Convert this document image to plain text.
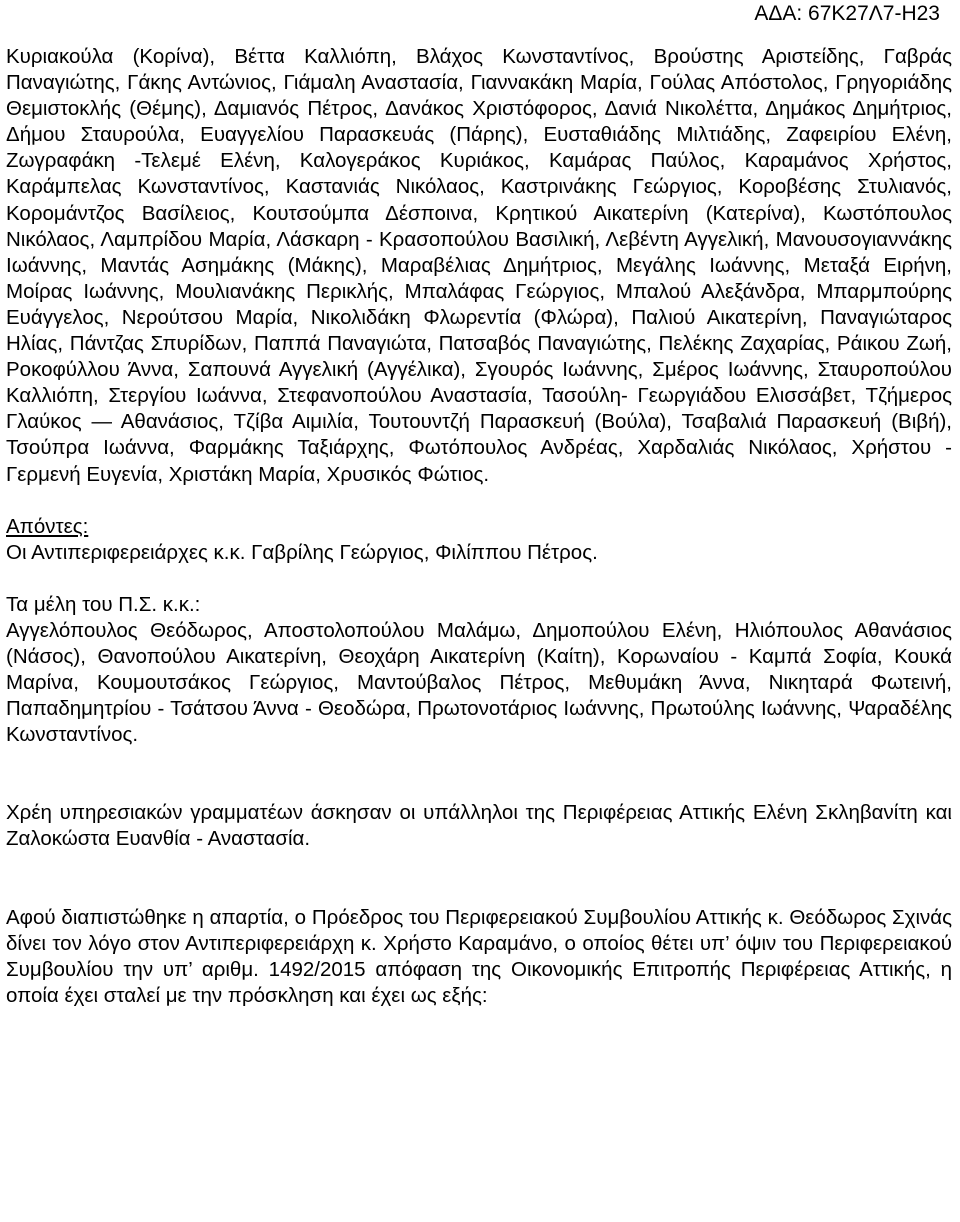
ΑΔΑ: 67Κ27Λ7-Η23

Κυριακούλα (Κορίνα), Βέττα Καλλιόπη, Βλάχος Κωνσταντίνος, Βρούστης Αριστείδης, Γαβράς Παναγιώτης, Γάκης Αντώνιος, Γιάμαλη Αναστασία, Γιαννακάκη Μαρία, Γούλας Απόστολος, Γρηγοριάδης Θεμιστοκλής (Θέμης), Δαμιανός Πέτρος, Δανάκος Χριστόφορος, Δανιά Νικολέττα, Δημάκος Δημήτριος, Δήμου Σταυρούλα, Ευαγγελίου Παρασκευάς (Πάρης), Ευσταθιάδης Μιλτιάδης, Ζαφειρίου Ελένη, Ζωγραφάκη -Τελεμέ Ελένη, Καλογεράκος Κυριάκος, Καμάρας Παύλος, Καραμάνος Χρήστος, Καράμπελας Κωνσταντίνος, Καστανιάς Νικόλαος, Καστρινάκης Γεώργιος, Κοροβέσης Στυλιανός, Κορομάντζος Βασίλειος, Κουτσούμπα Δέσποινα, Κρητικού Αικατερίνη (Κατερίνα), Κωστόπουλος Νικόλαος, Λαμπρίδου Μαρία, Λάσκαρη - Κρασοπούλου Βασιλική, Λεβέντη Αγγελική, Μανουσογιαννάκης Ιωάννης, Μαντάς Ασημάκης (Μάκης), Μαραβέλιας Δημήτριος, Μεγάλης Ιωάννης, Μεταξά Ειρήνη, Μοίρας Ιωάννης, Μουλιανάκης Περικλής, Μπαλάφας Γεώργιος, Μπαλού Αλεξάνδρα, Μπαρμπούρης Ευάγγελος, Νερούτσου Μαρία, Νικολιδάκη Φλωρεντία (Φλώρα), Παλιού Αικατερίνη, Παναγιώταρος Ηλίας, Πάντζας Σπυρίδων, Παππά Παναγιώτα, Πατσαβός Παναγιώτης, Πελέκης Ζαχαρίας, Ράικου Ζωή, Ροκοφύλλου Άννα, Σαπουνά Αγγελική (Αγγέλικα), Σγουρός Ιωάννης, Σμέρος Ιωάννης, Σταυροπούλου Καλλιόπη, Στεργίου Ιωάννα, Στεφανοπούλου Αναστασία, Τασούλη- Γεωργιάδου Ελισσάβετ, Τζήμερος Γλαύκος — Αθανάσιος, Τζίβα Αιμιλία, Τουτουντζή Παρασκευή (Βούλα), Τσαβαλιά Παρασκευή (Βιβή), Τσούπρα Ιωάννα, Φαρμάκης Ταξιάρχης, Φωτόπουλος Ανδρέας, Χαρδαλιάς Νικόλαος, Χρήστου - Γερμενή Ευγενία, Χριστάκη Μαρία, Χρυσικός Φώτιος.

Απόντες:

Οι Αντιπεριφερειάρχες κ.κ. Γαβρίλης Γεώργιος, Φιλίππου Πέτρος.

Τα μέλη του Π.Σ. κ.κ.:

Αγγελόπουλος Θεόδωρος, Αποστολοπούλου Μαλάμω, Δημοπούλου Ελένη, Ηλιόπουλος Αθανάσιος (Νάσος), Θανοπούλου Αικατερίνη, Θεοχάρη Αικατερίνη (Καίτη), Κορωναίου - Καμπά Σοφία, Κουκά Μαρίνα, Κουμουτσάκος Γεώργιος, Μαντούβαλος Πέτρος, Μεθυμάκη Άννα, Νικηταρά Φωτεινή, Παπαδημητρίου - Τσάτσου Άννα - Θεοδώρα, Πρωτονοτάριος Ιωάννης, Πρωτούλης Ιωάννης, Ψαραδέλης Κωνσταντίνος.

Χρέη υπηρεσιακών γραμματέων άσκησαν οι υπάλληλοι της Περιφέρειας Αττικής Ελένη Σκληβανίτη και Ζαλοκώστα Ευανθία - Αναστασία.

Αφού διαπιστώθηκε η απαρτία, ο Πρόεδρος του Περιφερειακού Συμβουλίου Αττικής κ. Θεόδωρος Σχινάς δίνει τον λόγο στον Αντιπεριφερειάρχη κ. Χρήστο Καραμάνο, ο οποίος θέτει υπ’ όψιν του Περιφερειακού Συμβουλίου την υπ’ αριθμ. 1492/2015 απόφαση της Οικονομικής Επιτροπής Περιφέρειας Αττικής, η οποία έχει σταλεί με την πρόσκληση και έχει ως εξής:
